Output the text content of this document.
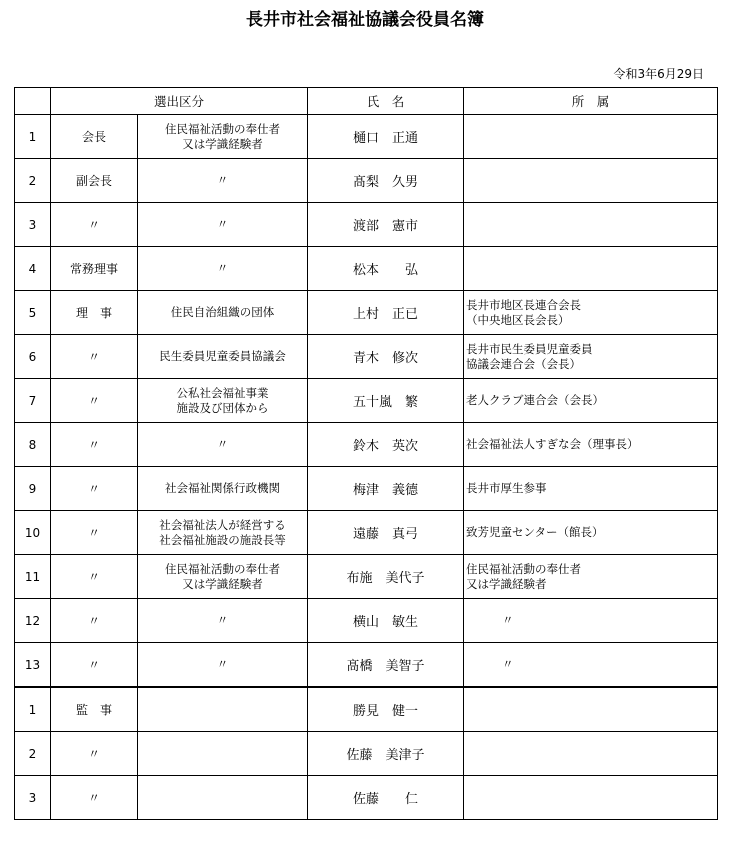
長井市社会福祉協議会役員名簿
令和3年6月29日
	選出区分		氏　名	所　属
1	会長	住民福祉活動の奉仕者
又は学識経験者	樋口　正通	
2	副会長	〃	髙梨　久男	
3	〃	〃	渡部　憲市	
4	常務理事	〃	松本　　弘	
5	理　事	住民自治組織の団体	上村　正已	長井市地区長連合会長
（中央地区長会長）
6	〃	民生委員児童委員協議会	青木　修次	長井市民生委員児童委員
協議会連合会（会長）
7	〃	公私社会福祉事業
施設及び団体から	五十嵐　繁	老人クラブ連合会（会長）
8	〃	〃	鈴木　英次	社会福祉法人すぎな会（理事長）
9	〃	社会福祉関係行政機関	梅津　義德	長井市厚生参事
10	〃	社会福祉法人が経営する
社会福祉施設の施設長等	遠藤　真弓	致芳児童センター（館長）
11	〃	住民福祉活動の奉仕者
又は学識経験者	布施　美代子	住民福祉活動の奉仕者
又は学識経験者
12	〃	〃	横山　敏生	〃
13	〃	〃	髙橋　美智子	〃
1	監　事		勝見　健一	
2	〃		佐藤　美津子	
3	〃		佐藤　　仁	
